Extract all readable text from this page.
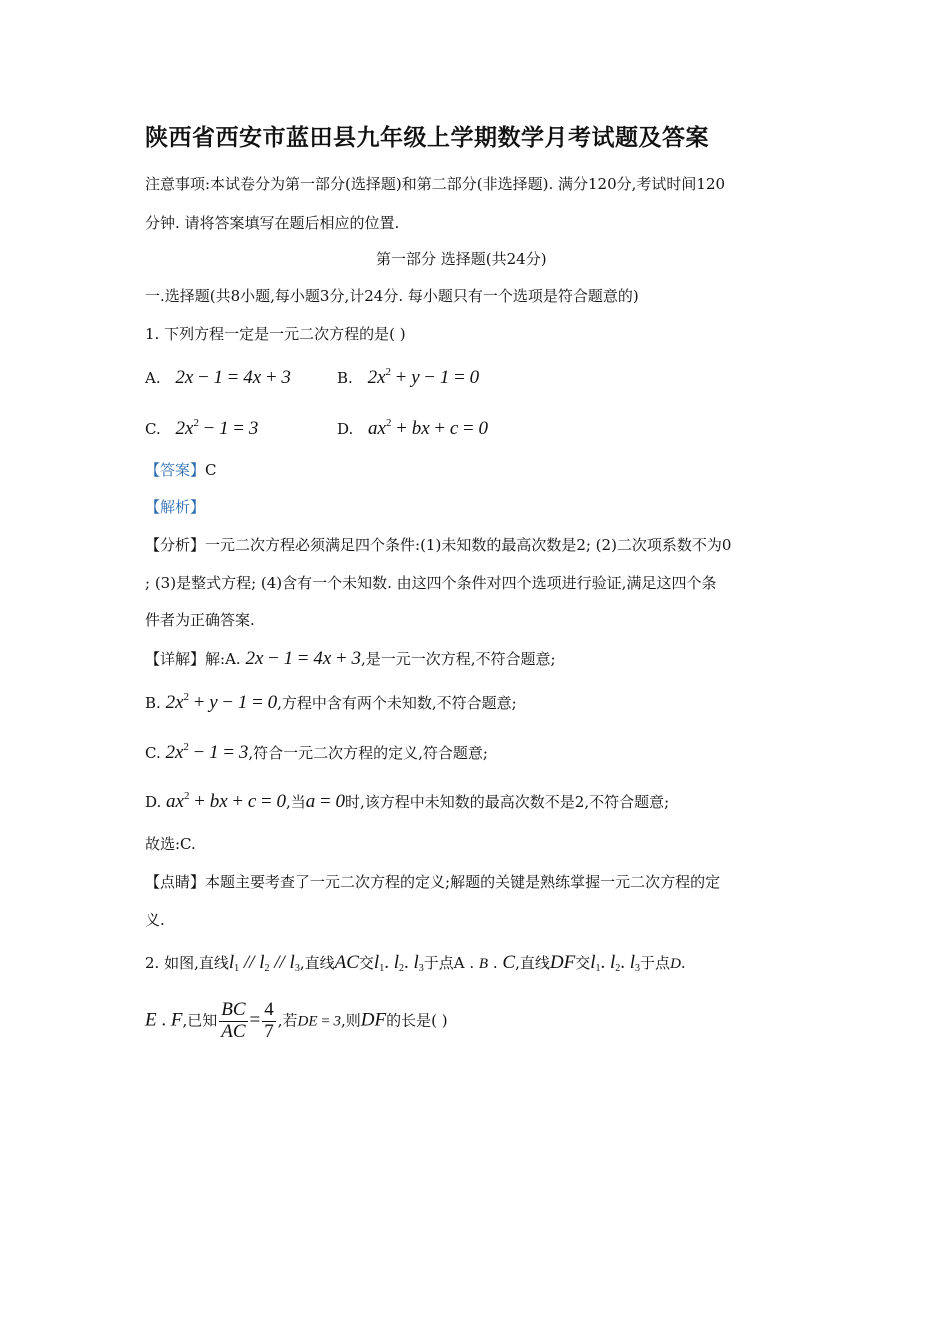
陕西省西安市蓝田县九年级上学期数学月考试题及答案
注意事项:本试卷分为第一部分(选择题)和第二部分(非选择题). 满分120分,考试时间120
分钟. 请将答案填写在题后相应的位置.
第一部分 选择题(共24分)
一.选择题(共8小题,每小题3分,计24分. 每小题只有一个选项是符合题意的)
1. 下列方程一定是一元二次方程的是( )
A. 2x − 1 = 4x + 3	B. $2x^2 + y - 1 = 0$
C. $2x^2 - 1 = 3$	D. $ax^2$ + bx + c = 0
【答案】C
【解析】
【分析】一元二次方程必须满足四个条件:(1)未知数的最高次数是2; (2)二次项系数不为0
; (3)是整式方程; (4)含有一个未知数. 由这四个条件对四个选项进行验证,满足这四个条
件者为正确答案.
【详解】解:A. 2x − 1 = 4x + 3,是一元一次方程,不符合题意;
B. $2x^2 + y - 1 = 0$,方程中含有两个未知数,不符合题意;
C. $2x^2 - 1 = 3$,符合一元二次方程的定义,符合题意;
D. $ax^2$ + bx + c = 0,当a = 0时,该方程中未知数的最高次数不是2,不符合题意;
故选:C.
【点睛】本题主要考查了一元二次方程的定义;解题的关键是熟练掌握一元二次方程的定
义.
2. 如图,直线l1 // l2 // l3,直线AC交l1. l2. l3于点A . B . C,直线DF交l1. l2. l3于点D.
E . F,已知 $\frac{BC}{AC} = \frac{4}{7}$ ,若DE = 3,则DF的长是( )
